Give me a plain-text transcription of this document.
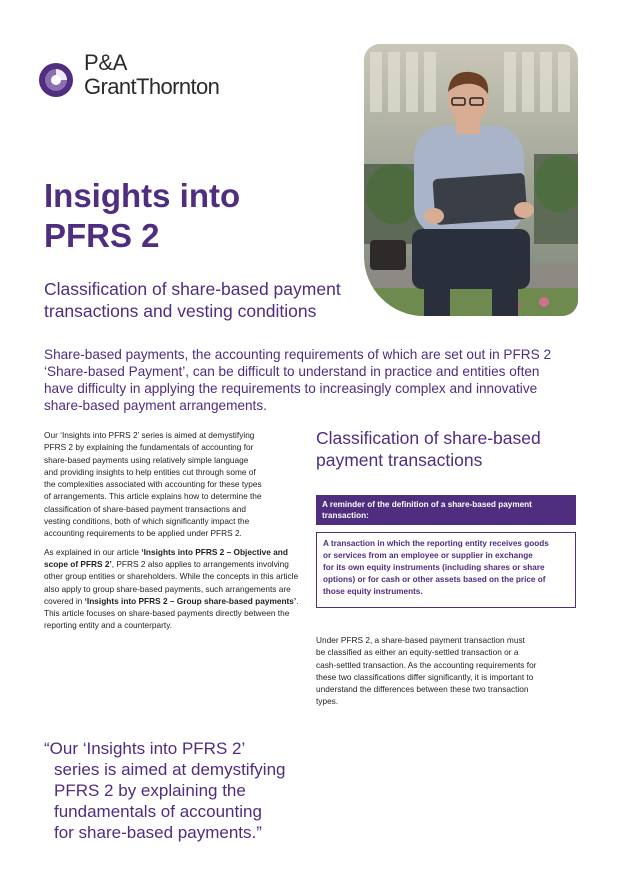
P&A
GrantThornton
Insights into
PFRS 2
Classification of share-based payment
transactions and vesting conditions
Share-based payments, the accounting requirements of which are set out in PFRS 2
‘Share-based Payment’, can be difficult to understand in practice and entities often
have difficulty in applying the requirements to increasingly complex and innovative
share-based payment arrangements.

Our ‘Insights into PFRS 2’ series is aimed at demystifying
PFRS 2 by explaining the fundamentals of accounting for
share-based payments using relatively simple language
and providing insights to help entities cut through some of
the complexities associated with accounting for these types
of arrangements. This article explains how to determine the
classification of share-based payment transactions and
vesting conditions, both of which significantly impact the
accounting requirements to be applied under PFRS 2.

As explained in our article ‘Insights into PFRS 2 – Objective and scope of PFRS 2’, PFRS 2 also applies to arrangements involving other group entities or shareholders. While the concepts in this article also apply to group share-based payments, such arrangements are covered in ‘Insights into PFRS 2 – Group share-based payments’. This article focuses on share-based payments directly between the reporting entity and a counterparty.

Classification of share-based
payment transactions
A reminder of the definition of a share-based payment
transaction:
A transaction in which the reporting entity receives goods
or services from an employee or supplier in exchange
for its own equity instruments (including shares or share
options) or for cash or other assets based on the price of
those equity instruments.
Under PFRS 2, a share-based payment transaction must
be classified as either an equity-settled transaction or a
cash-settled transaction. As the accounting requirements for
these two classifications differ significantly, it is important to
understand the differences between these two transaction
types.
“Our ‘Insights into PFRS 2’
series is aimed at demystifying
PFRS 2 by explaining the
fundamentals of accounting
for share-based payments.”
